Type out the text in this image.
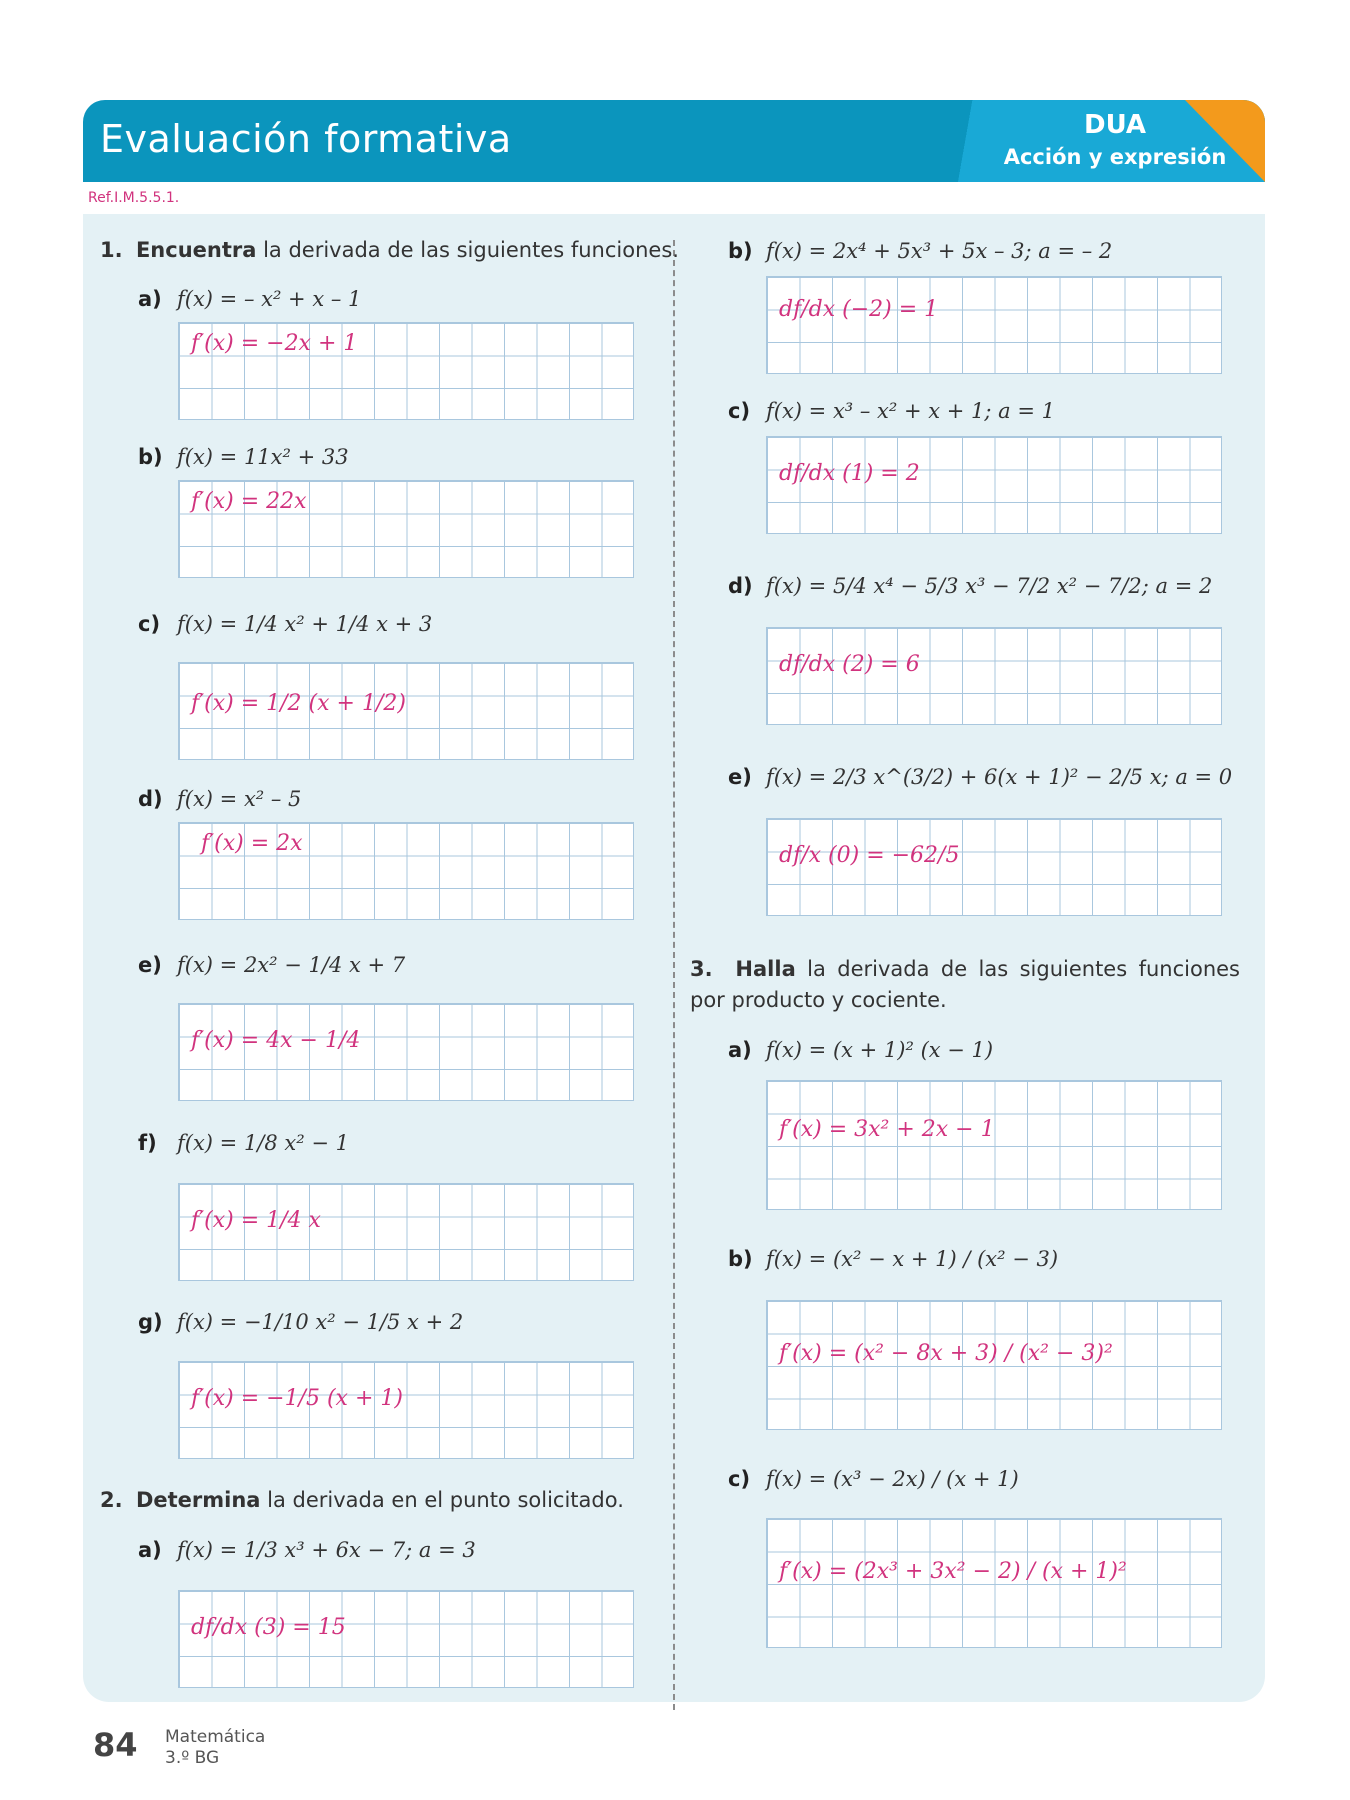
Evaluación formativa	DUA
Acción y expresión
Ref.I.M.5.5.1.
1. Encuentra la derivada de las siguientes funciones.
a) f(x) = – x² + x – 1
f′(x) = −2x + 1
b) f(x) = 11x² + 33
f′(x) = 22x
c) f(x) = 1/4 x² + 1/4 x + 3
f′(x) = 1/2 (x + 1/2)
d) f(x) = x² – 5
f′(x) = 2x
e) f(x) = 2x² − 1/4 x + 7
f′(x) = 4x − 1/4
f) f(x) = 1/8 x² − 1
f′(x) = 1/4 x
g) f(x) = −1/10 x² − 1/5 x + 2
f′(x) = −1/5 (x + 1)
2. Determina la derivada en el punto solicitado.
a) f(x) = 1/3 x³ + 6x − 7; a = 3
df/dx (3) = 15
b) f(x) = 2x⁴ + 5x³ + 5x – 3; a = – 2
df/dx (−2) = 1
c) f(x) = x³ – x² + x + 1; a = 1
df/dx (1) = 2
d) f(x) = 5/4 x⁴ − 5/3 x³ − 7/2 x² − 7/2; a = 2
df/dx (2) = 6
e) f(x) = 2/3 x^(3/2) + 6(x + 1)² − 2/5 x; a = 0
df/x (0) = −62/5
3. Halla la derivada de las siguientes funciones por producto y cociente.
a) f(x) = (x + 1)² (x − 1)
f′(x) = 3x² + 2x − 1
b) f(x) = (x² − x + 1) / (x² − 3)
f′(x) = (x² − 8x + 3) / (x² − 3)²
c) f(x) = (x³ − 2x) / (x + 1)
f′(x) = (2x³ + 3x² − 2) / (x + 1)²
84 Matemática
3.º BG
